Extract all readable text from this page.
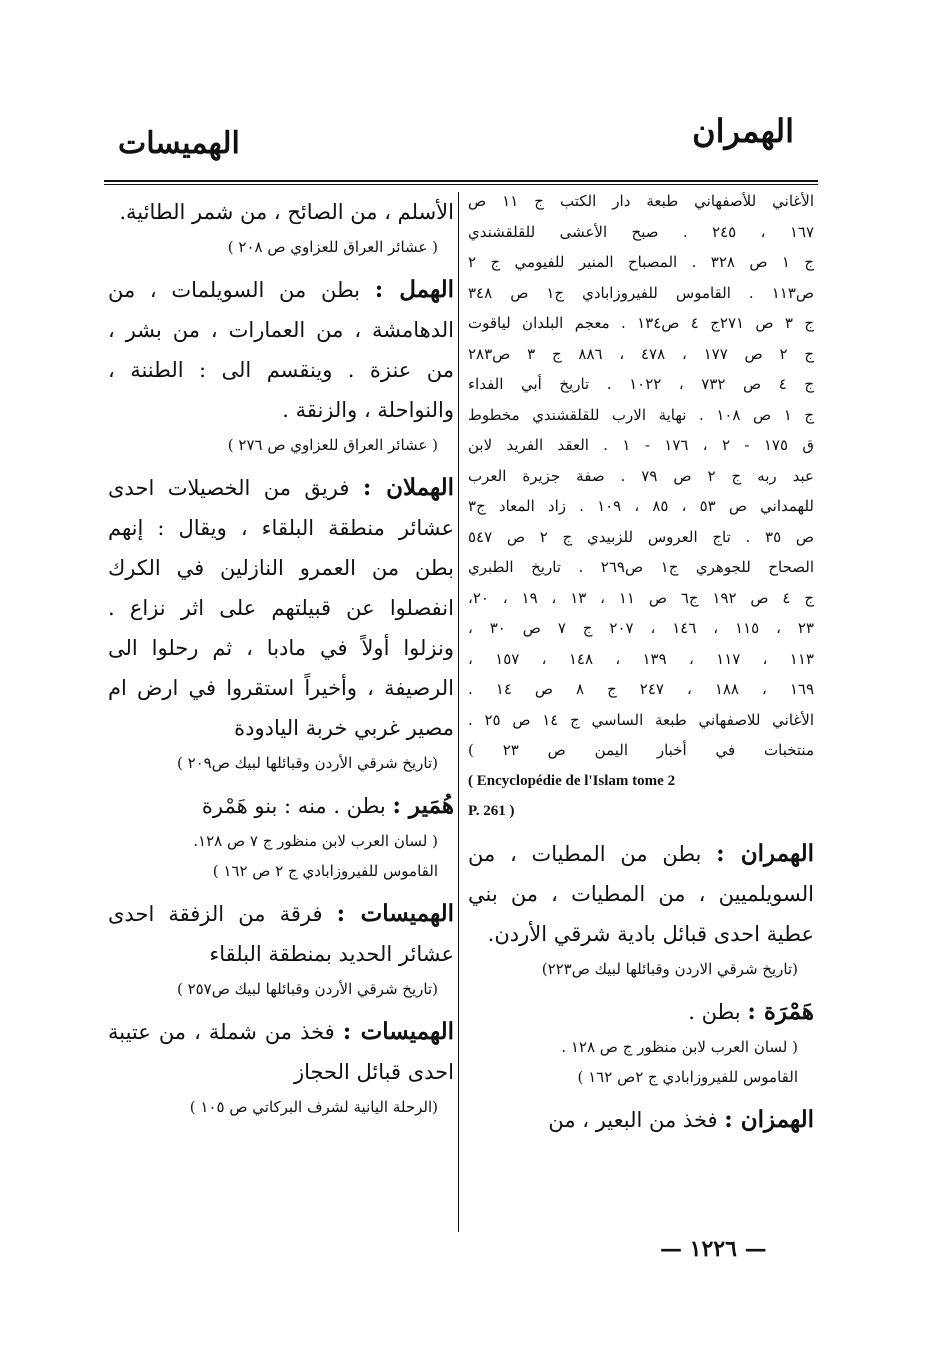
الهمران
الهميسات
الأغاني للأصفهاني طبعة دار الكتب ج ١١ ص
١٦٧ ، ٢٤٥ . صبح الأعشى للقلقشندي
ج ١ ص ٣٢٨ . المصباح المنير للفيومي ج ٢
ص١١٣ . القاموس للفيروزابادي ج١ ص ٣٤٨
ج ٣ ص ٢٧١ج ٤ ص١٣٤ . معجم البلدان لياقوت
ج ٢ ص ١٧٧ ، ٤٧٨ ، ٨٨٦ ج ٣ ص٢٨٣
ج ٤ ص ٧٣٢ ، ١٠٢٢ . تاريخ أبي الفداء
ج ١ ص ١٠٨ . نهاية الارب للقلقشندي مخطوط
ق ١٧٥ - ٢ ، ١٧٦ - ١ . العقد الفريد لابن
عبد ربه ج ٢ ص ٧٩ . صفة جزيرة العرب
للهمداني ص ٥٣ ، ٨٥ ، ١٠٩ . زاد المعاد ج٣
ص ٣٥ . تاج العروس للزبيدي ج ٢ ص ٥٤٧
الصحاح للجوهري ج١ ص٢٦٩ . تاريخ الطبري
ج ٤ ص ١٩٢ ج٦ ص ١١ ، ١٣ ، ١٩ ، ٢٠،
٢٣ ، ١١٥ ، ١٤٦ ، ٢٠٧ ج ٧ ص ٣٠ ،
١١٣ ، ١١٧ ، ١٣٩ ، ١٤٨ ، ١٥٧ ،
١٦٩ ، ١٨٨ ، ٢٤٧ ج ٨ ص ١٤ .
الأغاني للاصفهاني طبعة الساسي ج ١٤ ص ٢٥ .
منتخبات في أخبار اليمن ص ٢٣ )
( Encyclopédie de l'Islam tome 2
P. 261 )
الهمران : بطن من المطيات ، من السويلميين ، من المطيات ، من بني عطية احدى قبائل بادية شرقي الأردن.
(تاريخ شرقي الاردن وقبائلها لبيك ص٢٢٣)
هَمْرَة : بطن .
( لسان العرب لابن منظور ج ص ١٢٨ .
القاموس للفيروزابادي ج ٢ص ١٦٢ )
الهمزان : فخذ من البعير ، من
الأسلم ، من الصائح ، من شمر الطائية.
( عشائر العراق للعزاوي ص ٢٠٨ )
الهمل : بطن من السويلمات ، من الدهامشة ، من العمارات ، من بشر ، من عنزة . وينقسم الى : الطننة ، والنواحلة ، والزنقة .
( عشائر العراق للعزاوي ص ٢٧٦ )
الهملان : فريق من الخصيلات احدى عشائر منطقة البلقاء ، ويقال : إنهم بطن من العمرو النازلين في الكرك انفصلوا عن قبيلتهم على اثر نزاع . ونزلوا أولاً في مادبا ، ثم رحلوا الى الرصيفة ، وأخيراً استقروا في ارض ام مصير غربي خربة اليادودة
(تاريخ شرقي الأردن وقبائلها لبيك ص٢٠٩ )
هُمَير : بطن . منه : بنو هَمْرة
( لسان العرب لابن منظور ج ٧ ص ١٢٨.
القاموس للفيروزابادي ج ٢ ص ١٦٢ )
الهميسات : فرقة من الزفقة احدى عشائر الحديد بمنطقة البلقاء
(تاريخ شرقي الأردن وقبائلها لبيك ص٢٥٧ )
الهميسات : فخذ من شملة ، من عتيبة احدى قبائل الحجاز
(الرحلة اليانية لشرف البركاتي ص ١٠٥ )
— ١٢٢٦ —
